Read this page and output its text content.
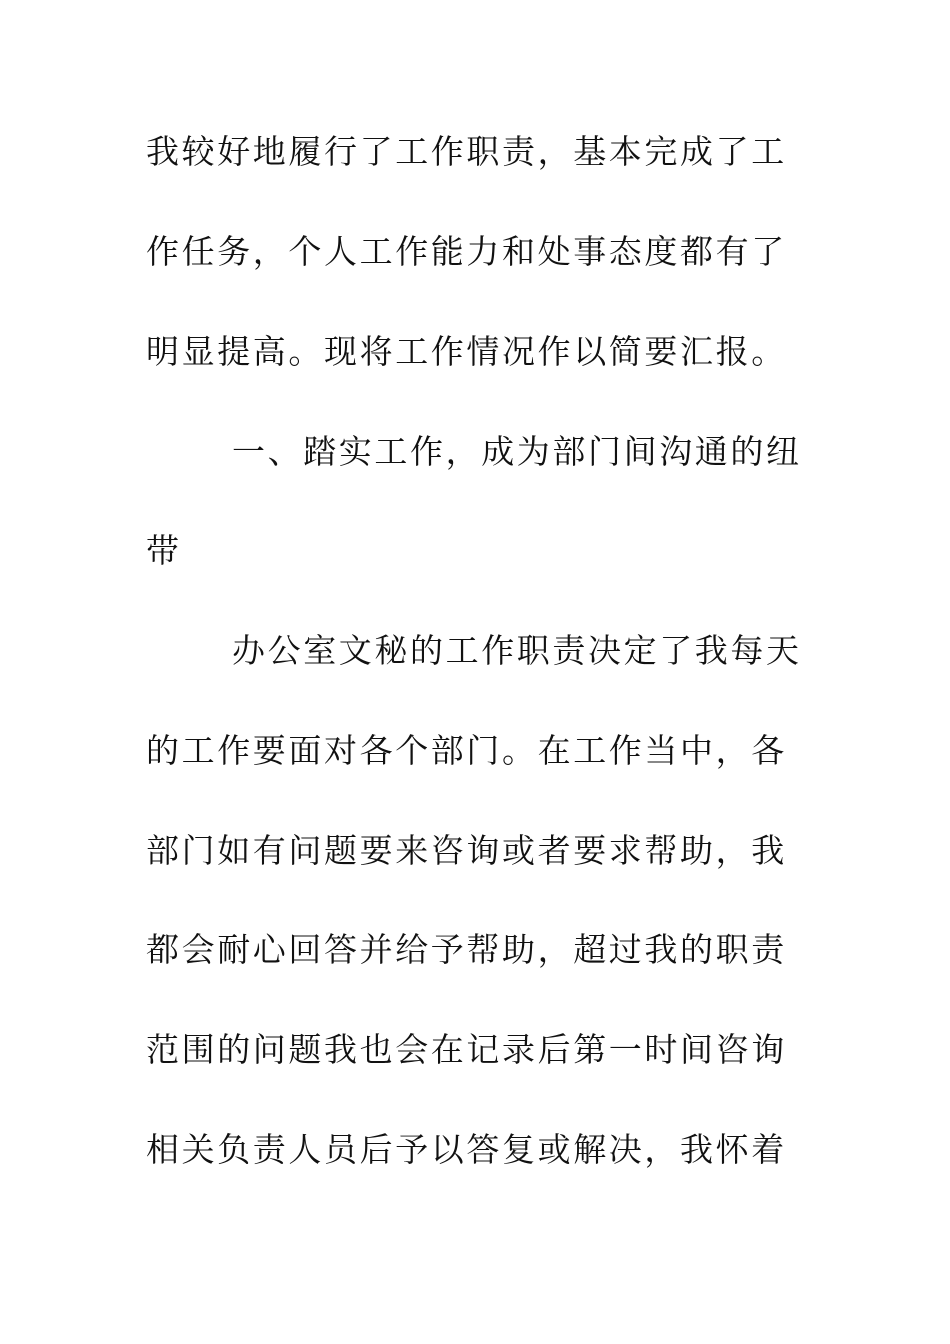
我较好地履行了工作职责，基本完成了工
作任务，个人工作能力和处事态度都有了
明显提高。现将工作情况作以简要汇报。
一、踏实工作，成为部门间沟通的纽
带
办公室文秘的工作职责决定了我每天
的工作要面对各个部门。在工作当中，各
部门如有问题要来咨询或者要求帮助，我
都会耐心回答并给予帮助，超过我的职责
范围的问题我也会在记录后第一时间咨询
相关负责人员后予以答复或解决，我怀着
